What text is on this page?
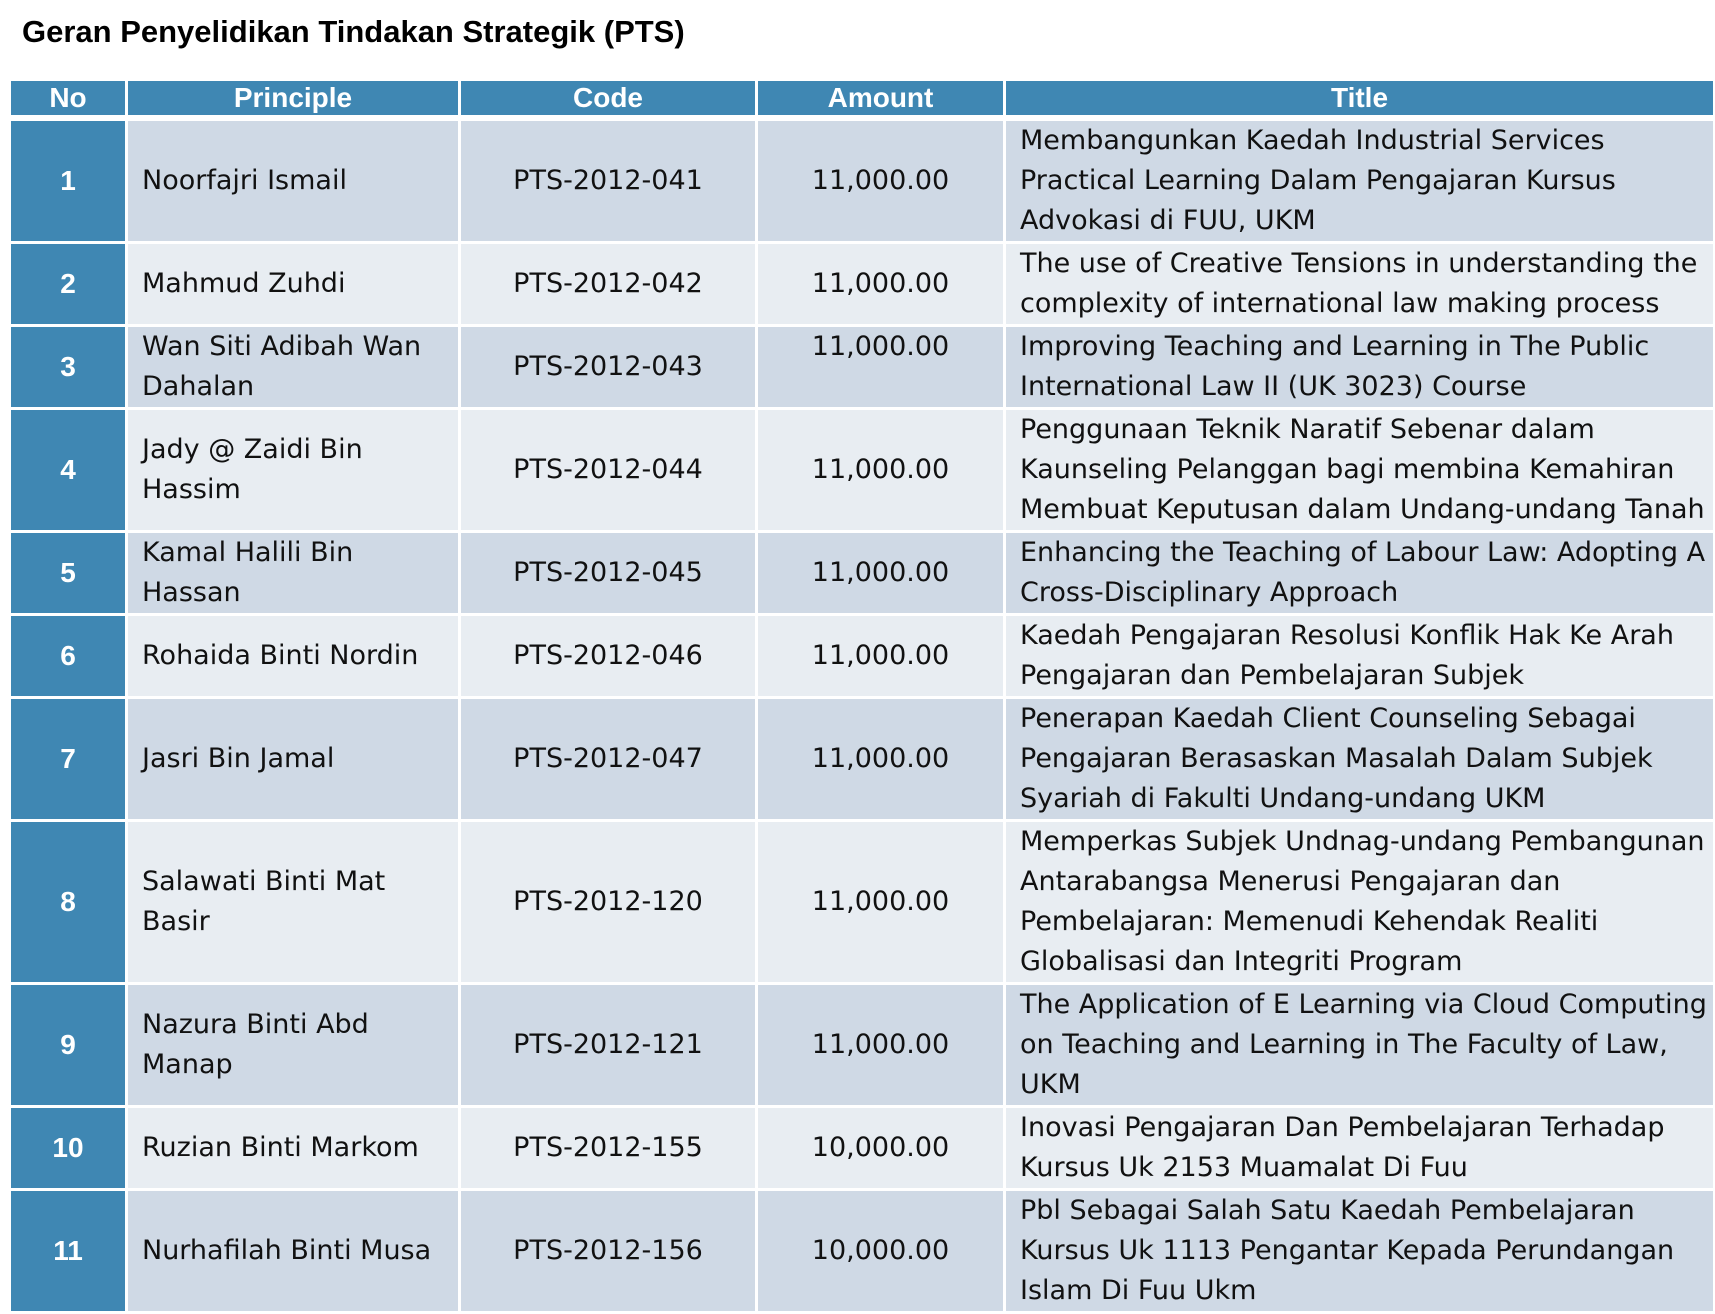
Geran Penyelidikan Tindakan Strategik (PTS)
No	Principle	Code	Amount	Title
1	Noorfajri Ismail	PTS-2012-041	11,000.00	Membangunkan Kaedah Industrial Services Practical Learning Dalam Pengajaran Kursus Advokasi di FUU, UKM
2	Mahmud Zuhdi	PTS-2012-042	11,000.00	The use of Creative Tensions in understanding the complexity of international law making process
3	Wan Siti Adibah Wan Dahalan	PTS-2012-043	11,000.00	Improving Teaching and Learning in The Public International Law II (UK 3023) Course
4	Jady @ Zaidi Bin Hassim	PTS-2012-044	11,000.00	Penggunaan Teknik Naratif Sebenar dalam Kaunseling Pelanggan bagi membina Kemahiran Membuat Keputusan dalam Undang-undang Tanah
5	Kamal Halili Bin Hassan	PTS-2012-045	11,000.00	Enhancing the Teaching of Labour Law: Adopting A Cross-Disciplinary Approach
6	Rohaida Binti Nordin	PTS-2012-046	11,000.00	Kaedah Pengajaran Resolusi Konflik Hak Ke Arah Pengajaran dan Pembelajaran Subjek
7	Jasri Bin Jamal	PTS-2012-047	11,000.00	Penerapan Kaedah Client Counseling Sebagai Pengajaran Berasaskan Masalah Dalam Subjek Syariah di Fakulti Undang-undang UKM
8	Salawati Binti Mat Basir	PTS-2012-120	11,000.00	Memperkas Subjek Undnag-undang Pembangunan Antarabangsa Menerusi Pengajaran dan Pembelajaran: Memenudi Kehendak Realiti Globalisasi dan Integriti Program
9	Nazura Binti Abd Manap	PTS-2012-121	11,000.00	The Application of E Learning via Cloud Computing on Teaching and Learning in The Faculty of Law, UKM
10	Ruzian Binti Markom	PTS-2012-155	10,000.00	Inovasi Pengajaran Dan Pembelajaran Terhadap Kursus Uk 2153 Muamalat Di Fuu
11	Nurhafilah Binti Musa	PTS-2012-156	10,000.00	Pbl Sebagai Salah Satu Kaedah Pembelajaran Kursus Uk 1113 Pengantar Kepada Perundangan Islam Di Fuu Ukm
